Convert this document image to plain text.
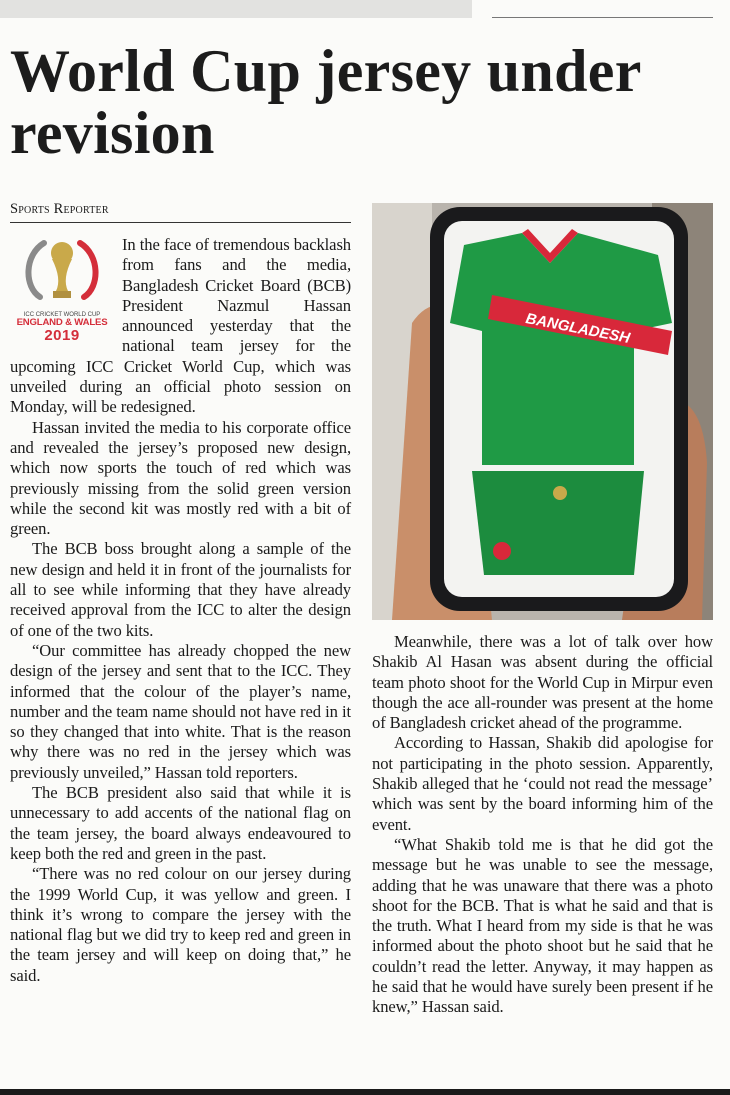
World Cup jersey under revision
Sports Reporter
ICC CRICKET WORLD CUP
ENGLAND & WALES
2019

In the face of tremendous backlash from fans and the media, Bangladesh Cricket Board (BCB) President Nazmul Hassan announced yesterday that the national team jersey for the upcoming ICC Cricket World Cup, which was unveiled during an official photo session on Monday, will be redesigned.

Hassan invited the media to his corporate office and revealed the jersey’s proposed new design, which now sports the touch of red which was previously missing from the solid green version while the second kit was mostly red with a bit of green.

The BCB boss brought along a sample of the new design and held it in front of the journalists for all to see while informing that they have already received approval from the ICC to alter the design of one of the two kits.

“Our committee has already chopped the new design of the jersey and sent that to the ICC. They informed that the colour of the player’s name, number and the team name should not have red in it so they changed that into white. That is the reason why there was no red in the jersey which was previously unveiled,” Hassan told reporters.

The BCB president also said that while it is unnecessary to add accents of the national flag on the team jersey, the board always endeavoured to keep both the red and green in the past.

“There was no red colour on our jersey during the 1999 World Cup, it was yellow and green. I think it’s wrong to compare the jersey with the national flag but we did try to keep red and green in the team jersey and will keep on doing that,” he said.

BANGLADESH

Meanwhile, there was a lot of talk over how Shakib Al Hasan was absent during the official team photo shoot for the World Cup in Mirpur even though the ace all-rounder was present at the home of Bangladesh cricket ahead of the programme.

According to Hassan, Shakib did apologise for not participating in the photo session. Apparently, Shakib alleged that he ‘could not read the message’ which was sent by the board informing him of the event.

“What Shakib told me is that he did got the message but he was unable to see the message, adding that he was unaware that there was a photo shoot for the BCB. That is what he said and that is the truth. What I heard from my side is that he was informed about the photo shoot but he said that he couldn’t read the letter. Anyway, it may happen as he said that he would have surely been present if he knew,” Hassan said.
